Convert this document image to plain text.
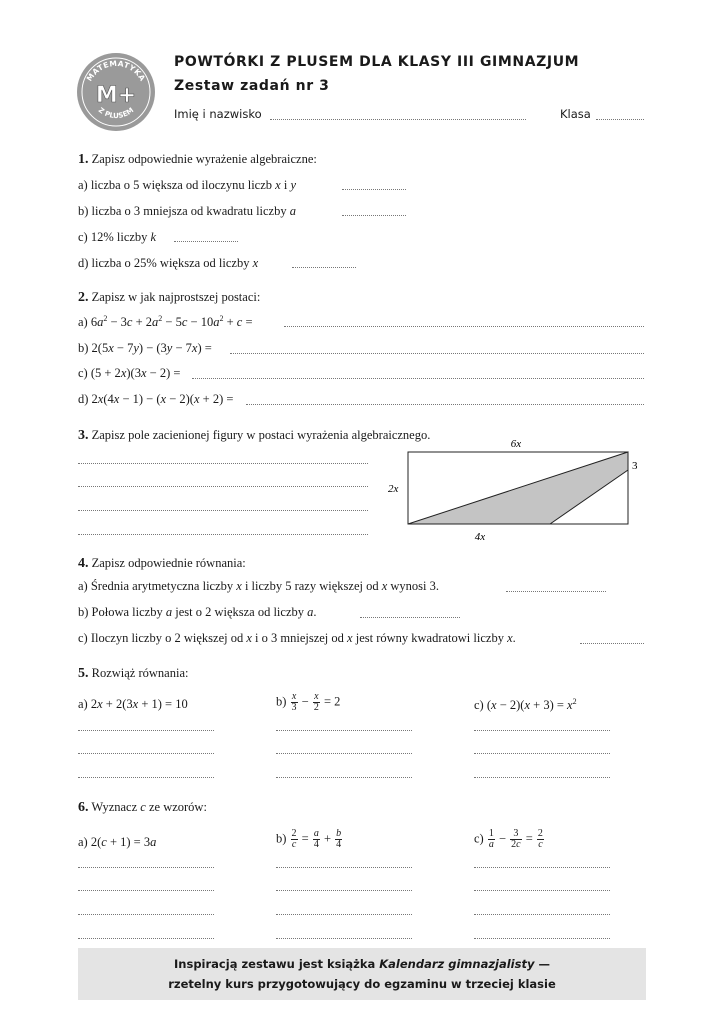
MATEMATYKA
M+
Z PLUSEM
POWTÓRKI Z PLUSEM DLA KLASY III GIMNAZJUM
Zestaw zadań nr 3
Imię i nazwisko	Klasa
1. Zapisz odpowiednie wyrażenie algebraiczne:
a) liczba o 5 większa od iloczynu liczb x i y
b) liczba o 3 mniejsza od kwadratu liczby a
c) 12% liczby k
d) liczba o 25% większa od liczby x
2. Zapisz w jak najprostszej postaci:
a) $6a^2 - 3c + 2a^2 - 5c - 10a^2 + c$ =
b) 2(5x − 7y) − (3y − 7x) =
c) (5 + 2x)(3x − 2) =
d) 2x(4x − 1) − (x − 2)(x + 2) =
3. Zapisz pole zacienionej figury w postaci wyrażenia algebraicznego.
6x
2x
3
4x
4. Zapisz odpowiednie równania:
a) Średnia arytmetyczna liczby x i liczby 5 razy większej od x wynosi 3.
b) Połowa liczby a jest o 2 większa od liczby a.
c) Iloczyn liczby o 2 większej od x i o 3 mniejszej od x jest równy kwadratowi liczby x.
5. Rozwiąż równania:
a) 2x + 2(3x + 1) = 10	$b) \frac{x}{3} - \frac{x}{2} = 2$	c) $(x - 2)(x + 3) = x^2$
6. Wyznacz c ze wzorów:
a) 2(c + 1) = 3a	$b) \frac{2}{c} = \frac{a}{4} + \frac{b}{4}$	$c) \frac{1}{a} - \frac{3}{2c} = \frac{2}{c}$
Inspiracją zestawu jest książka Kalendarz gimnazjalisty —
rzetelny kurs przygotowujący do egzaminu w trzeciej klasie
